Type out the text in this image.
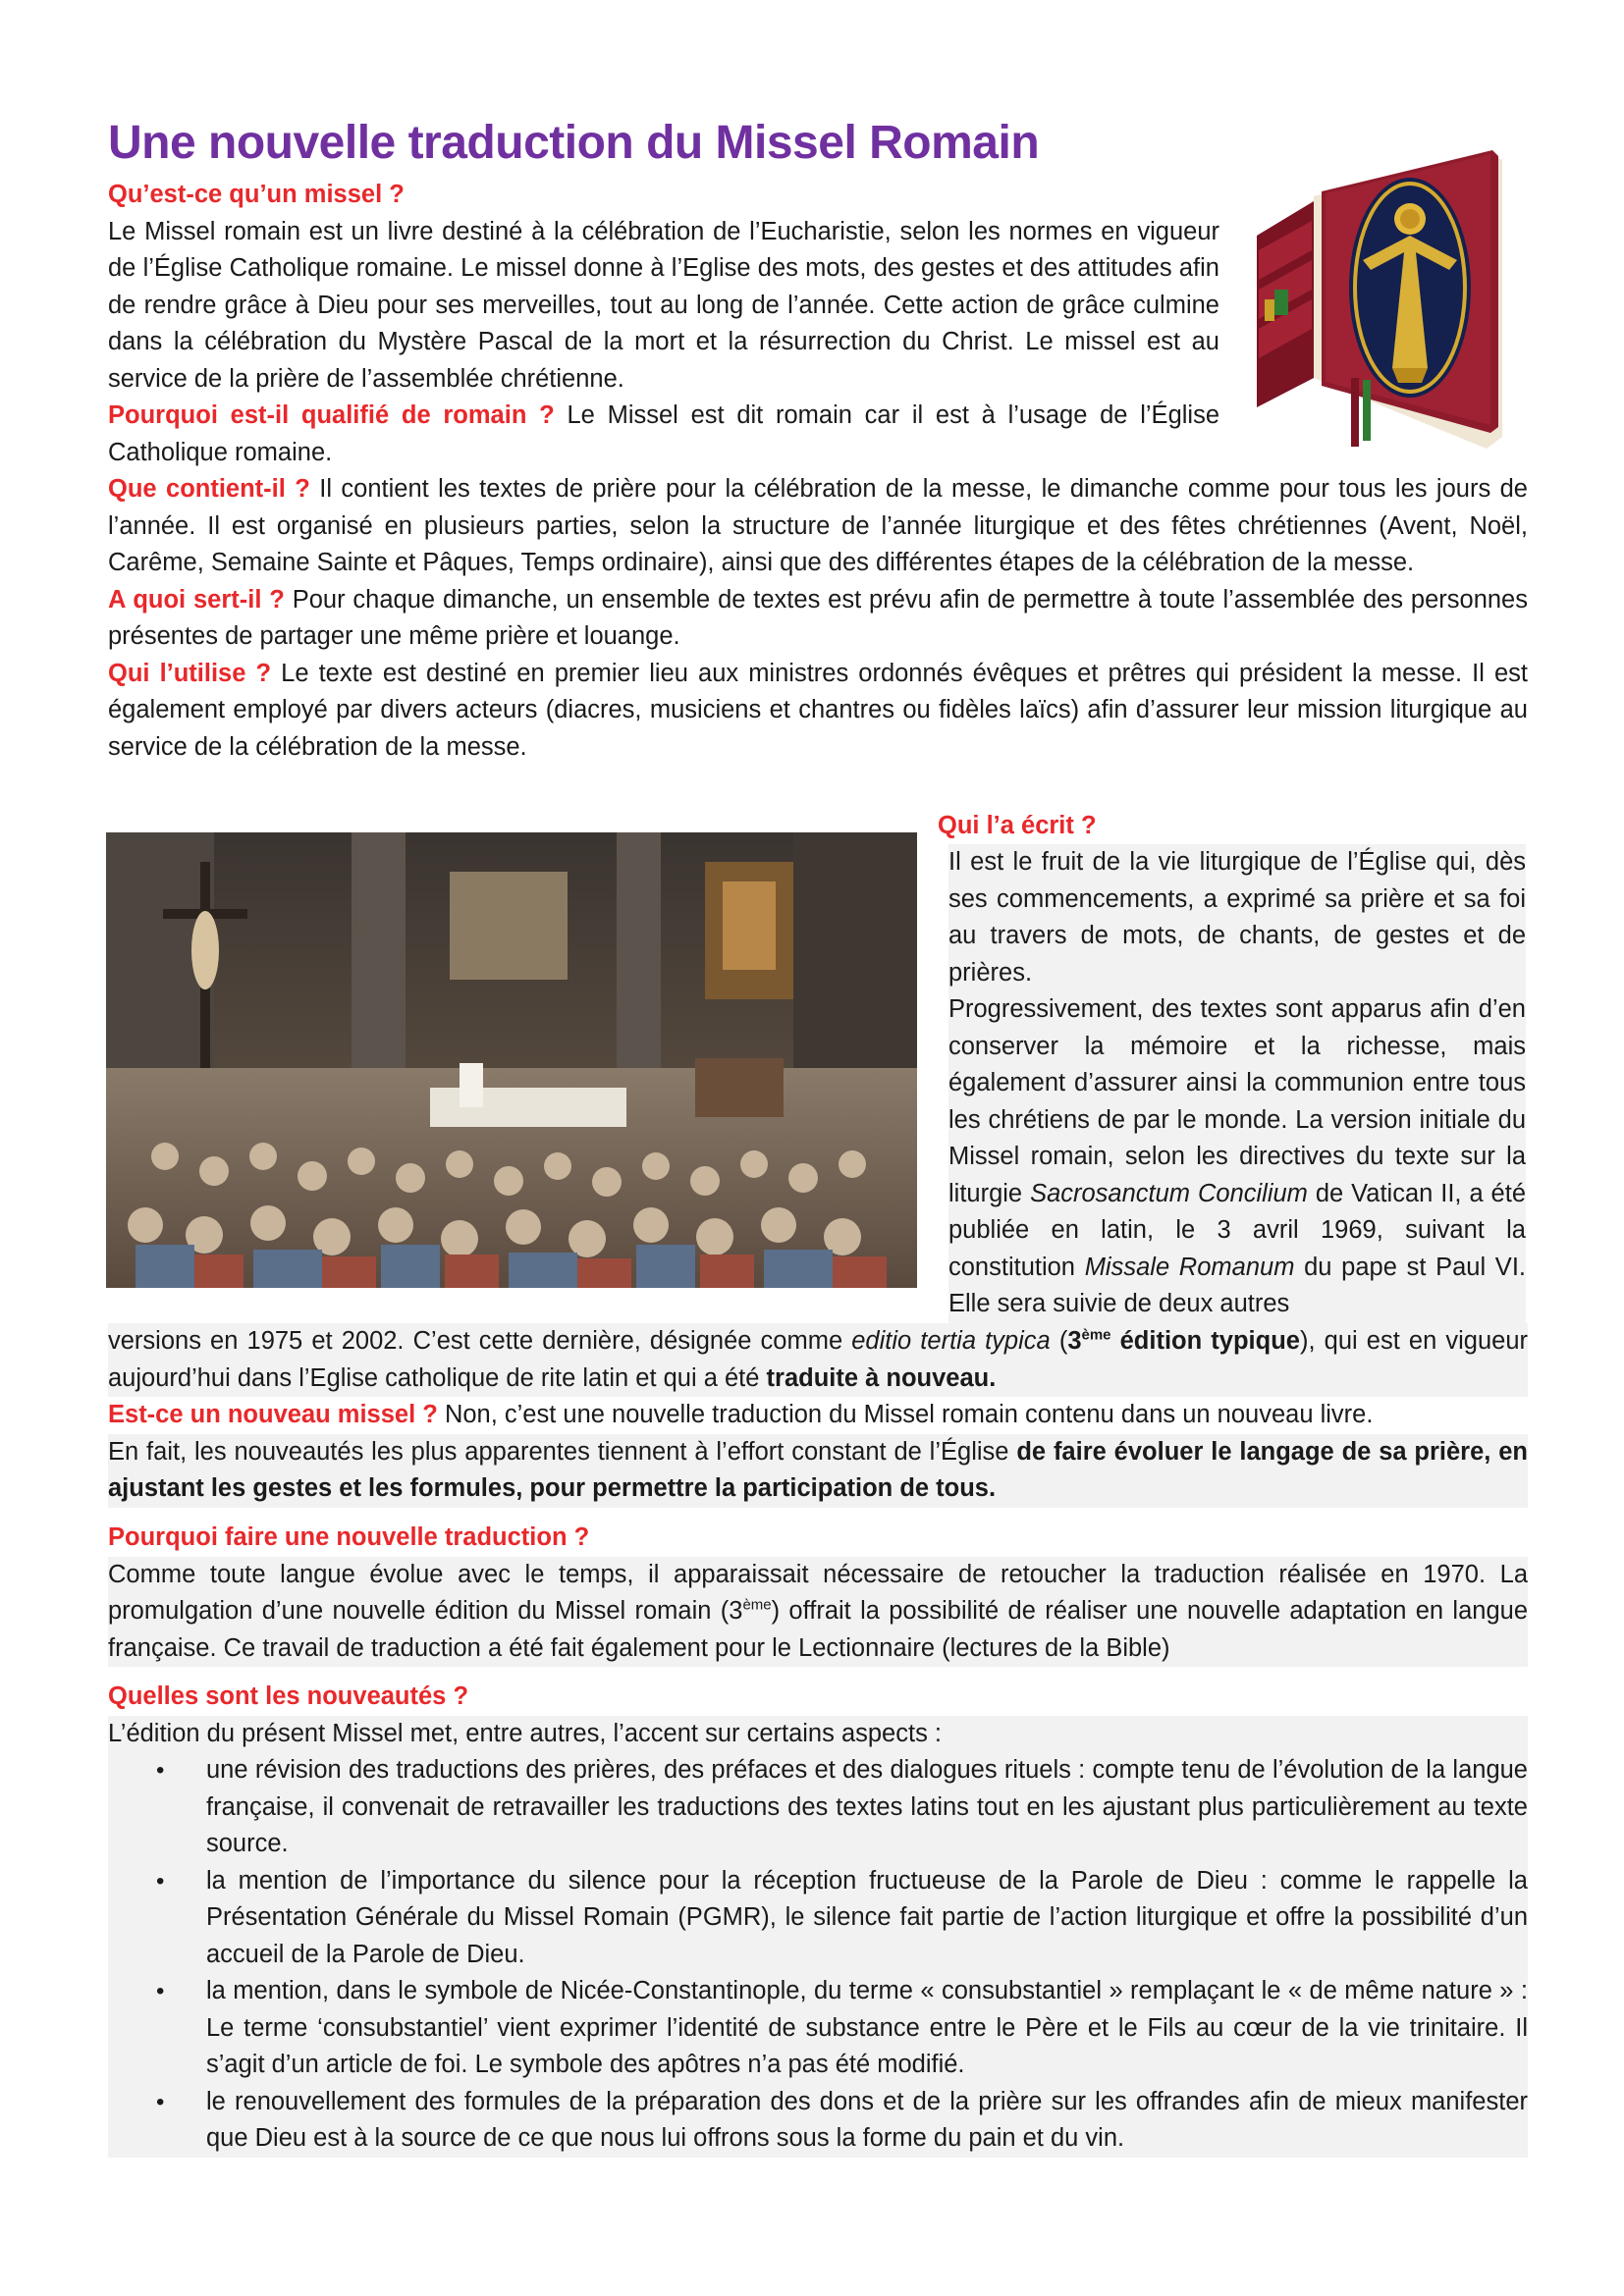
Une nouvelle traduction du Missel Romain

Qu’est-ce qu’un missel ?

Le Missel romain est un livre destiné à la célébration de l’Eucharistie, selon les normes en vigueur de l’Église Catholique romaine. Le missel donne à l’Eglise des mots, des gestes et des attitudes afin de rendre grâce à Dieu pour ses merveilles, tout au long de l’année. Cette action de grâce culmine dans la célébration du Mystère Pascal de la mort et la résurrection du Christ. Le missel est au service de la prière de l’assemblée chrétienne.

Pourquoi est-il qualifié de romain ? Le Missel est dit romain car il est à l’usage de l’Église Catholique romaine.

Que contient-il ? Il contient les textes de prière pour la célébration de la messe, le dimanche comme pour tous les jours de l’année. Il est organisé en plusieurs parties, selon la structure de l’année liturgique et des fêtes chrétiennes (Avent, Noël, Carême, Semaine Sainte et Pâques, Temps ordinaire), ainsi que des différentes étapes de la célébration de la messe.

A quoi sert-il ? Pour chaque dimanche, un ensemble de textes est prévu afin de permettre à toute l’assemblée des personnes présentes de partager une même prière et louange.

Qui l’utilise ? Le texte est destiné en premier lieu aux ministres ordonnés évêques et prêtres qui président la messe. Il est également employé par divers acteurs (diacres, musiciens et chantres ou fidèles laïcs) afin d’assurer leur mission liturgique au service de la célébration de la messe.

Qui l’a écrit ?

Il est le fruit de la vie liturgique de l’Église qui, dès ses commencements, a exprimé sa prière et sa foi au travers de mots, de chants, de gestes et de prières.

Progressivement, des textes sont apparus afin d’en conserver la mémoire et la richesse, mais également d’assurer ainsi la communion entre tous les chrétiens de par le monde. La version initiale du Missel romain, selon les directives du texte sur la liturgie Sacrosanctum Concilium de Vatican II, a été publiée en latin, le 3 avril 1969, suivant la constitution Missale Romanum du pape st Paul VI. Elle sera suivie de deux autres

versions en 1975 et 2002. C’est cette dernière, désignée comme editio tertia typica (3ème édition typique), qui est en vigueur aujourd’hui dans l’Eglise catholique de rite latin et qui a été traduite à nouveau.

Est-ce un nouveau missel ? Non, c’est une nouvelle traduction du Missel romain contenu dans un nouveau livre.

En fait, les nouveautés les plus apparentes tiennent à l’effort constant de l’Église de faire évoluer le langage de sa prière, en ajustant les gestes et les formules, pour permettre la participation de tous.

Pourquoi faire une nouvelle traduction ?

Comme toute langue évolue avec le temps, il apparaissait nécessaire de retoucher la traduction réalisée en 1970. La promulgation d’une nouvelle édition du Missel romain (3ème) offrait la possibilité de réaliser une nouvelle adaptation en langue française. Ce travail de traduction a été fait également pour le Lectionnaire (lectures de la Bible)

Quelles sont les nouveautés ?

L’édition du présent Missel met, entre autres, l’accent sur certains aspects :

• une révision des traductions des prières, des préfaces et des dialogues rituels : compte tenu de l’évolution de la langue française, il convenait de retravailler les traductions des textes latins tout en les ajustant plus particulièrement au texte source.
• la mention de l’importance du silence pour la réception fructueuse de la Parole de Dieu : comme le rappelle la Présentation Générale du Missel Romain (PGMR), le silence fait partie de l’action liturgique et offre la possibilité d’un accueil de la Parole de Dieu.
• la mention, dans le symbole de Nicée-Constantinople, du terme « consubstantiel » remplaçant le « de même nature » : Le terme ‘consubstantiel’ vient exprimer l’identité de substance entre le Père et le Fils au cœur de la vie trinitaire. Il s’agit d’un article de foi. Le symbole des apôtres n’a pas été modifié.
• le renouvellement des formules de la préparation des dons et de la prière sur les offrandes afin de mieux manifester que Dieu est à la source de ce que nous lui offrons sous la forme du pain et du vin.
